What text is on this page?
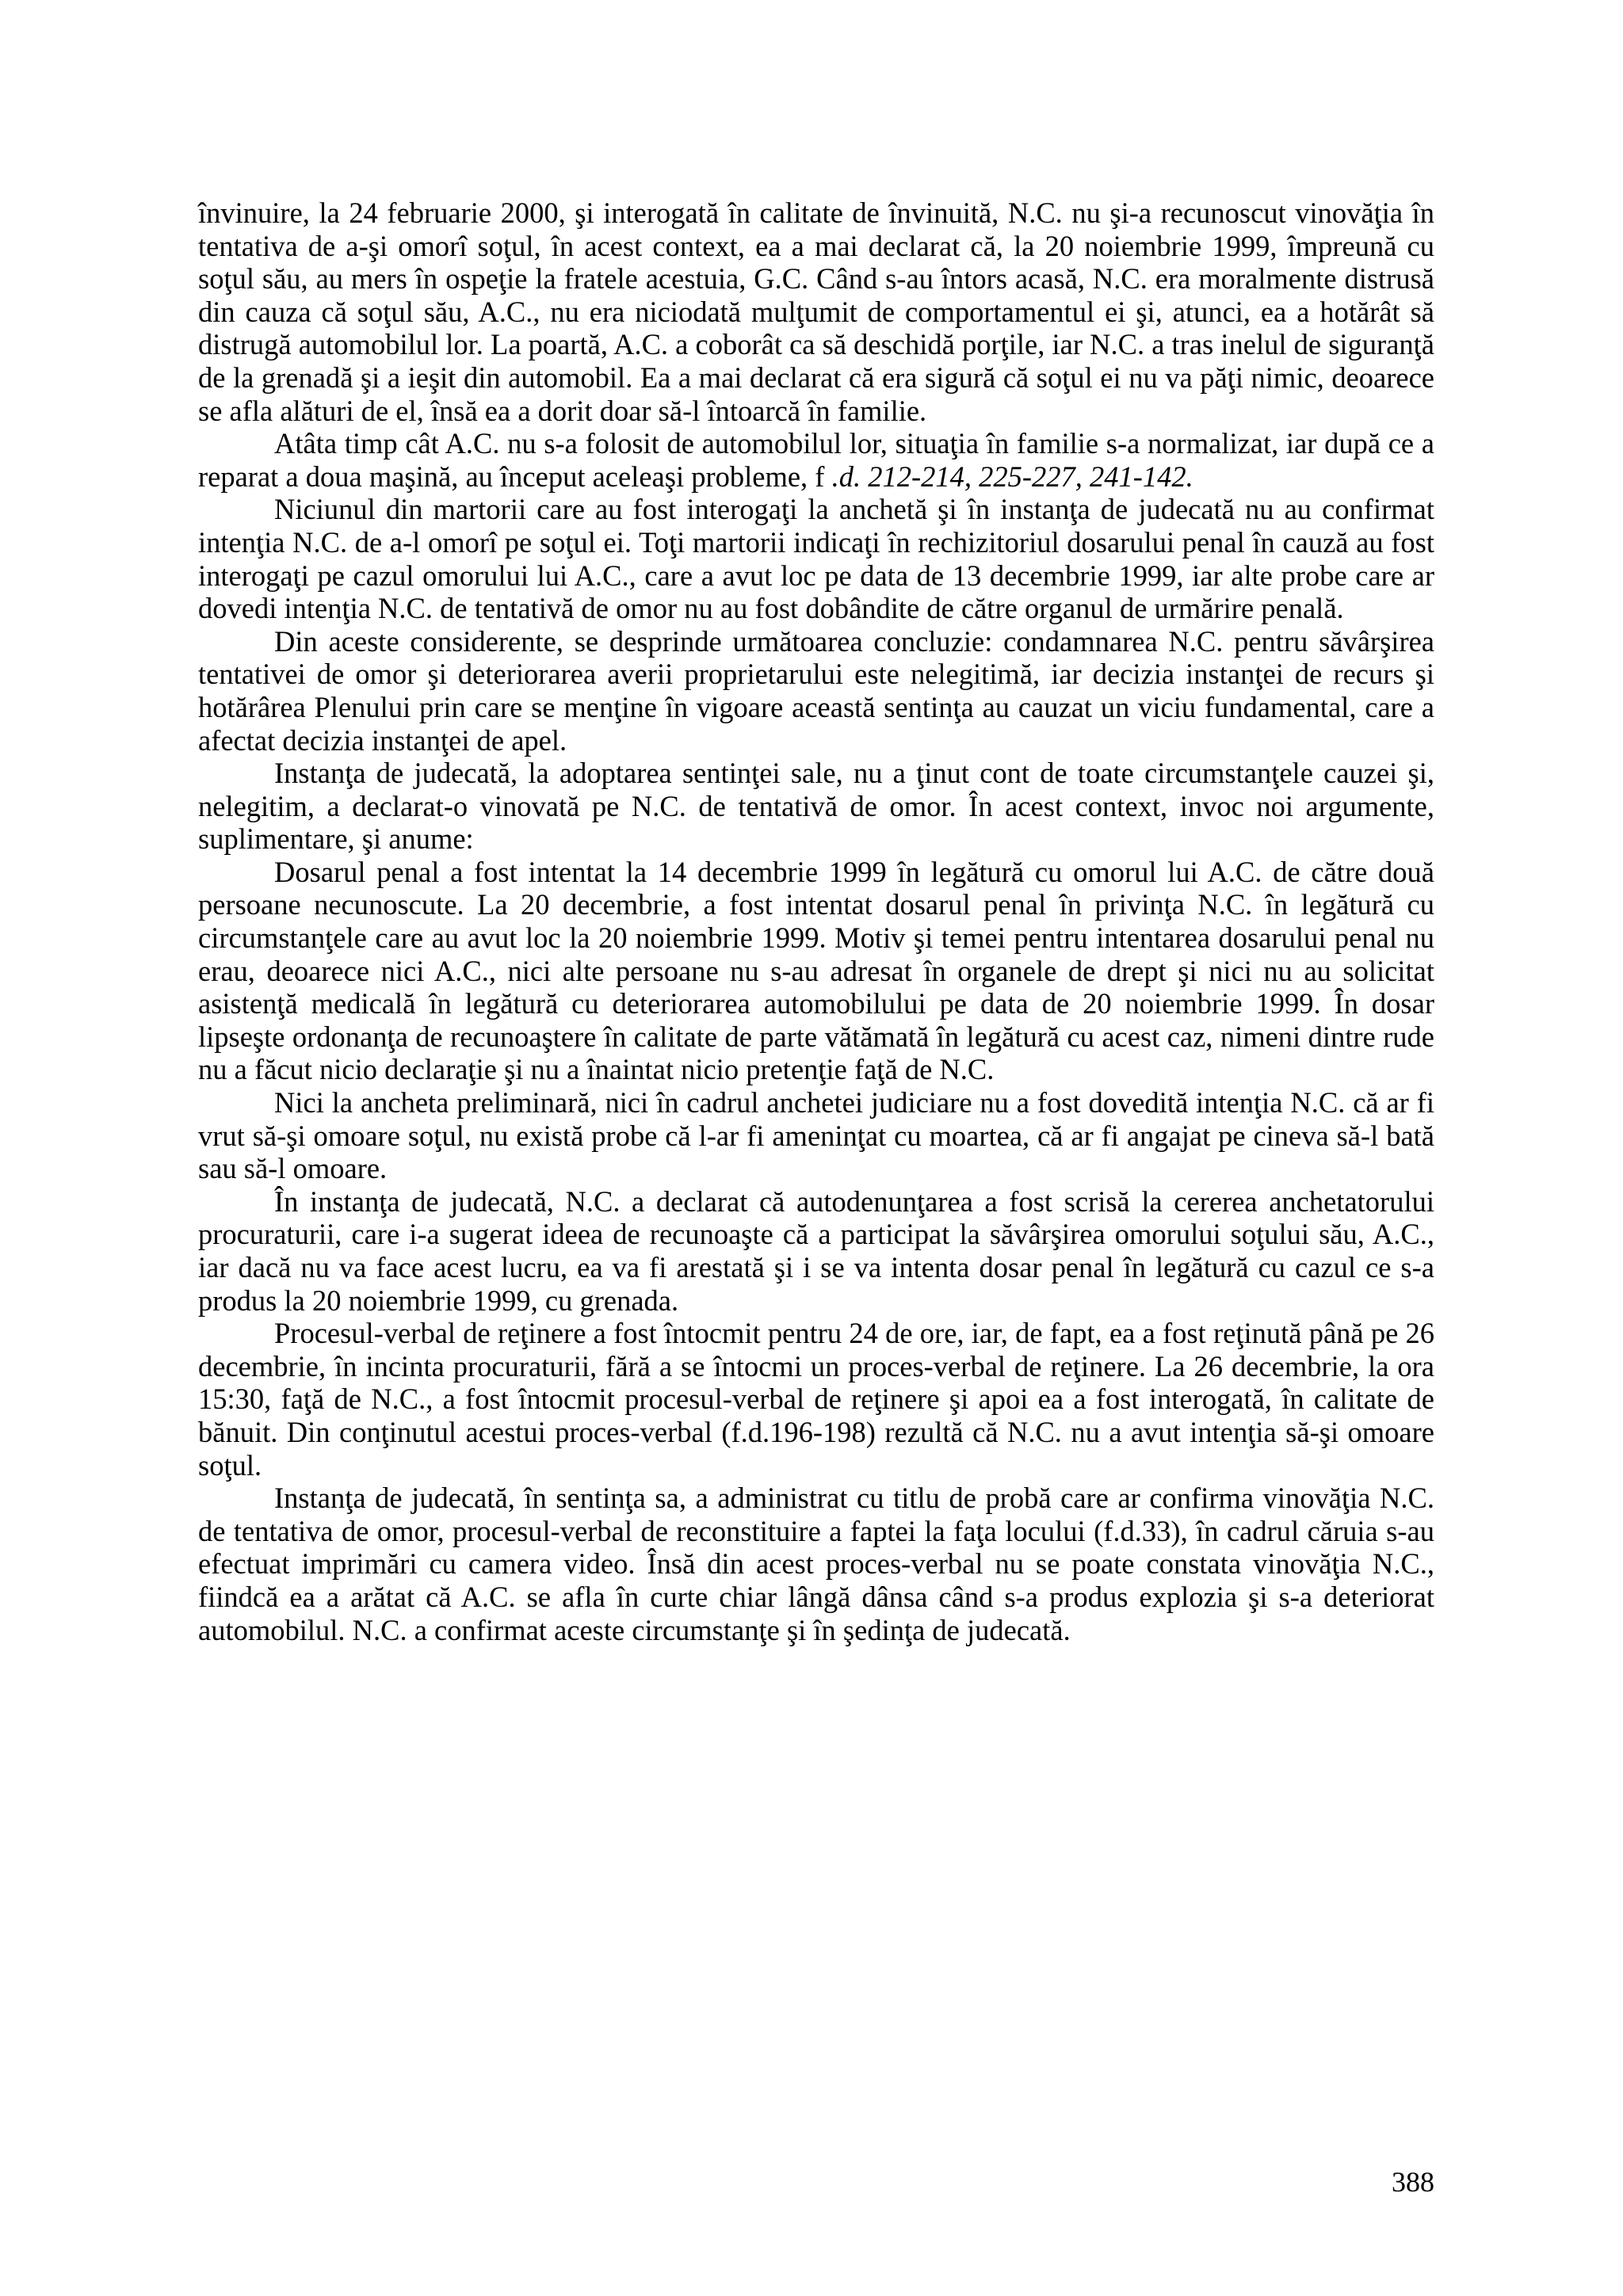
învinuire, la 24 februarie 2000, şi interogată în calitate de învinuită, N.C. nu şi-a recunoscut vinovăţia în tentativa de a-şi omorî soţul, în acest context, ea a mai declarat că, la 20 noiembrie 1999, împreună cu soţul său, au mers în ospeţie la fratele acestuia, G.C. Când s-au întors acasă, N.C. era moralmente distrusă din cauza că soţul său, A.C., nu era niciodată mulţumit de comportamentul ei şi, atunci, ea a hotărât să distrugă automobilul lor. La poartă, A.C. a coborât ca să deschidă porţile, iar N.C. a tras inelul de siguranţă de la grenadă şi a ieşit din automobil. Ea a mai declarat că era sigură că soţul ei nu va păţi nimic, deoarece se afla alături de el, însă ea a dorit doar să-l întoarcă în familie.

Atâta timp cât A.C. nu s-a folosit de automobilul lor, situaţia în familie s-a normalizat, iar după ce a reparat a doua maşină, au început aceleaşi probleme, f .d. 212-214, 225-227, 241-142.

Niciunul din martorii care au fost interogaţi la anchetă şi în instanţa de judecată nu au confirmat intenţia N.C. de a-l omorî pe soţul ei. Toţi martorii indicaţi în rechizitoriul dosarului penal în cauză au fost interogaţi pe cazul omorului lui A.C., care a avut loc pe data de 13 decembrie 1999, iar alte probe care ar dovedi intenţia N.C. de tentativă de omor nu au fost dobândite de către organul de urmărire penală.

Din aceste considerente, se desprinde următoarea concluzie: condamnarea N.C. pentru săvârşirea tentativei de omor şi deteriorarea averii proprietarului este nelegitimă, iar decizia instanţei de recurs şi hotărârea Plenului prin care se menţine în vigoare această sentinţa au cauzat un viciu fundamental, care a afectat decizia instanţei de apel.

Instanţa de judecată, la adoptarea sentinţei sale, nu a ţinut cont de toate circumstanţele cauzei şi, nelegitim, a declarat-o vinovată pe N.C. de tentativă de omor. În acest context, invoc noi argumente, suplimentare, şi anume:

Dosarul penal a fost intentat la 14 decembrie 1999 în legătură cu omorul lui A.C. de către două persoane necunoscute. La 20 decembrie, a fost intentat dosarul penal în privinţa N.C. în legătură cu circumstanţele care au avut loc la 20 noiembrie 1999. Motiv şi temei pentru intentarea dosarului penal nu erau, deoarece nici A.C., nici alte persoane nu s-au adresat în organele de drept şi nici nu au solicitat asistenţă medicală în legătură cu deteriorarea automobilului pe data de 20 noiembrie 1999. În dosar lipseşte ordonanţa de recunoaştere în calitate de parte vătămată în legătură cu acest caz, nimeni dintre rude nu a făcut nicio declaraţie şi nu a înaintat nicio pretenţie faţă de N.C.

Nici la ancheta preliminară, nici în cadrul anchetei judiciare nu a fost dovedită intenţia N.C. că ar fi vrut să-şi omoare soţul, nu există probe că l-ar fi ameninţat cu moartea, că ar fi angajat pe cineva să-l bată sau să-l omoare.

În instanţa de judecată, N.C. a declarat că autodenunţarea a fost scrisă la cererea anchetatorului procuraturii, care i-a sugerat ideea de recunoaşte că a participat la săvârşirea omorului soţului său, A.C., iar dacă nu va face acest lucru, ea va fi arestată şi i se va intenta dosar penal în legătură cu cazul ce s-a produs la 20 noiembrie 1999, cu grenada.

Procesul-verbal de reţinere a fost întocmit pentru 24 de ore, iar, de fapt, ea a fost reţinută până pe 26 decembrie, în incinta procuraturii, fără a se întocmi un proces-verbal de reţinere. La 26 decembrie, la ora 15:30, faţă de N.C., a fost întocmit procesul-verbal de reţinere şi apoi ea a fost interogată, în calitate de bănuit. Din conţinutul acestui proces-verbal (f.d.196-198) rezultă că N.C. nu a avut intenţia să-şi omoare soţul.

Instanţa de judecată, în sentinţa sa, a administrat cu titlu de probă care ar confirma vinovăţia N.C. de tentativa de omor, procesul-verbal de reconstituire a faptei la faţa locului (f.d.33), în cadrul căruia s-au efectuat imprimări cu camera video. Însă din acest proces-verbal nu se poate constata vinovăţia N.C., fiindcă ea a arătat că A.C. se afla în curte chiar lângă dânsa când s-a produs explozia şi s-a deteriorat automobilul. N.C. a confirmat aceste circumstanţe şi în şedinţa de judecată.

388
